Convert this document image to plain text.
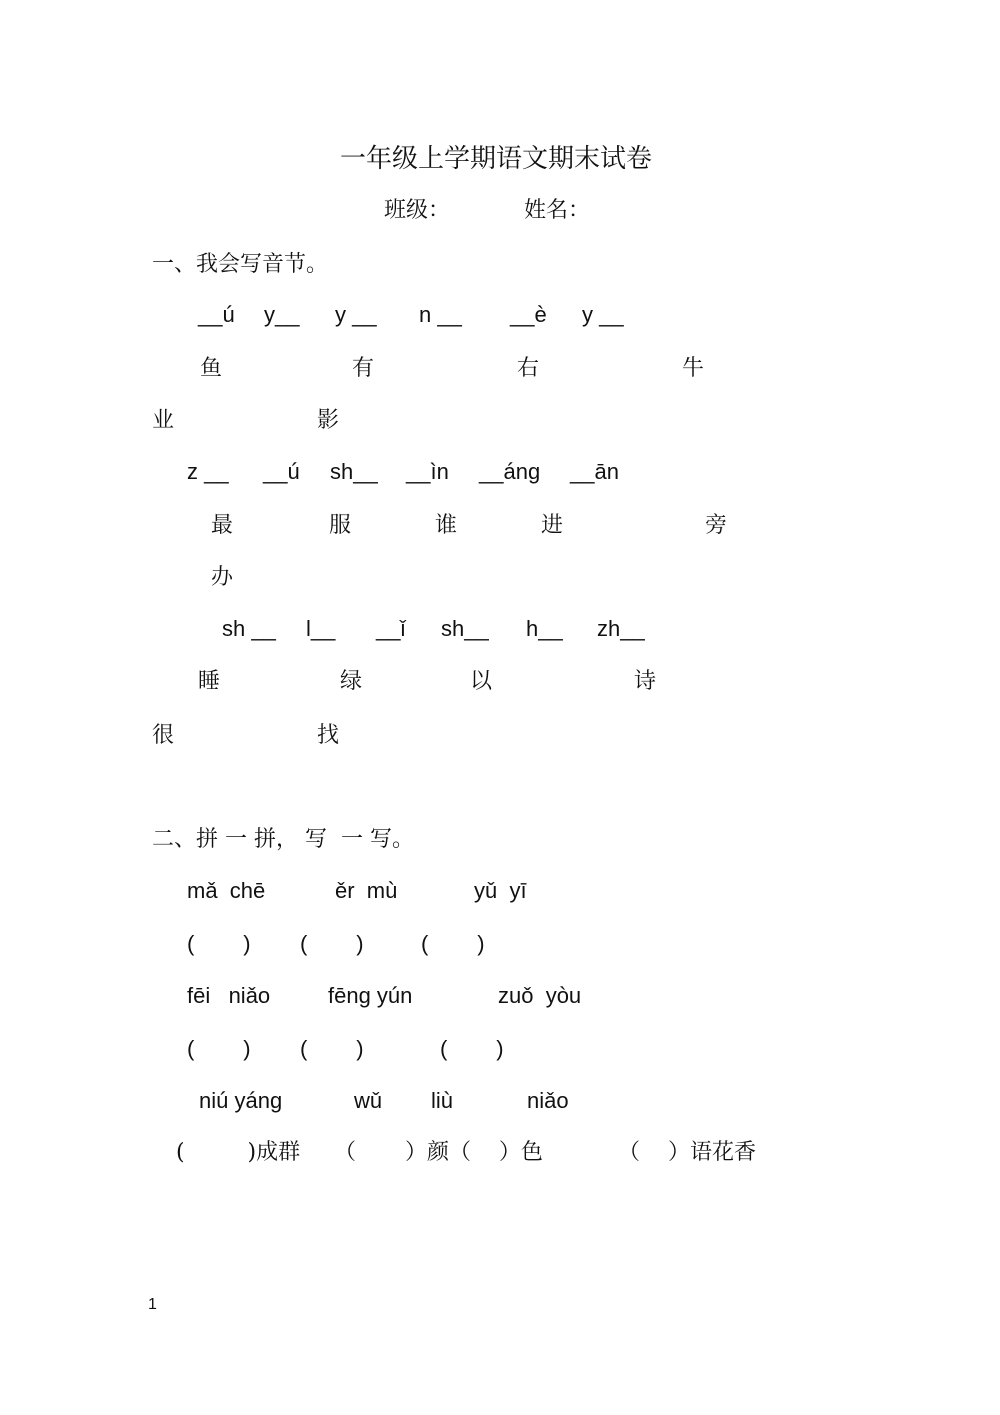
一年级上学期语文期末试卷
班级：	姓名：
一、我会写音节。
__ú y__ y __ n __ __è y __
鱼	有	右	牛
业	影
z __ __ú sh__ __ìn __áng __ān
最	服	谁	进	旁
办
sh __ l__ __ǐ sh__ h__ zh__
睡	绿	以	诗
很	找
二、拼 一 拼， 写  一 写。
mǎ  chē	ěr  mù	yǔ  yī
(        ) (        )	(        )
fēi   niǎo	fēng yún	zuǒ  yòu
(        ) (        )	(        )
niú yáng	wǔ liù	niǎo
(         )成群 （       ）颜（    ）色	（    ）语花香
1
